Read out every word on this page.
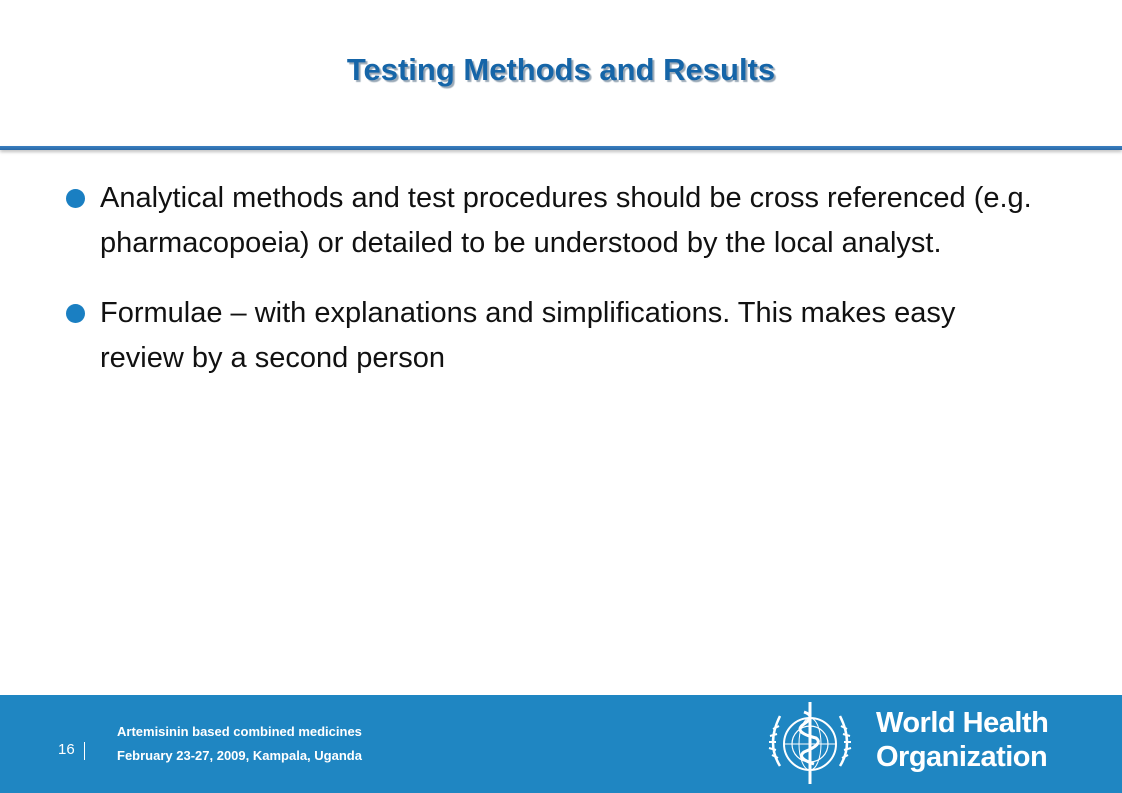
Testing Methods and Results
Analytical methods and test procedures should be cross referenced (e.g. pharmacopoeia) or detailed to be understood by the local analyst.
Formulae – with explanations and simplifications. This makes easy review by a second person
16
Artemisinin based combined medicines
February 23-27, 2009, Kampala, Uganda
World Health
Organization
